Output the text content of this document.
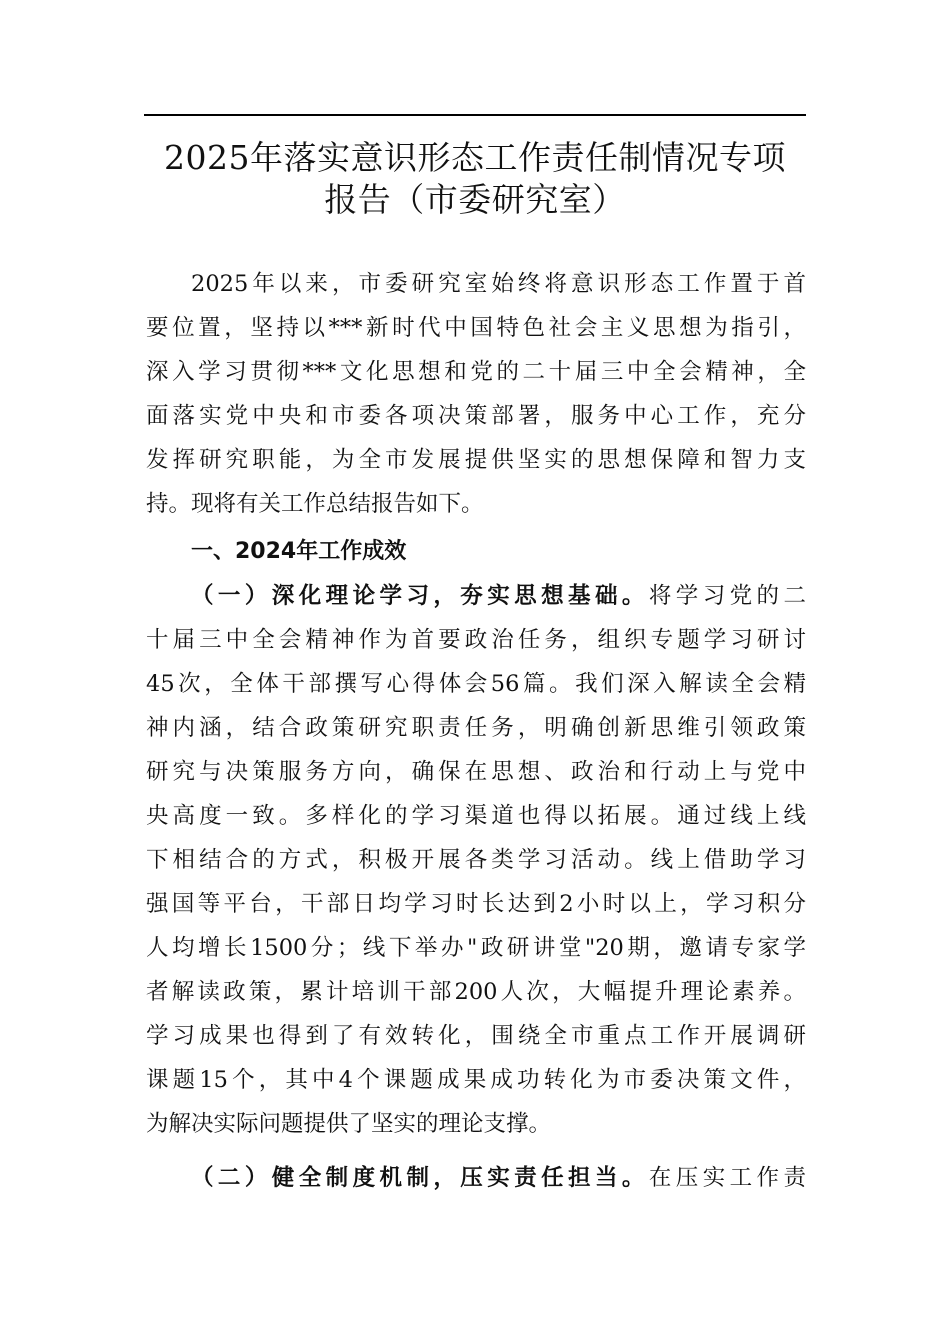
2025年落实意识形态工作责任制情况专项
报告（市委研究室）
2025年以来，市委研究室始终将意识形态工作置于首
要位置，坚持以***新时代中国特色社会主义思想为指引，
深入学习贯彻***文化思想和党的二十届三中全会精神，全
面落实党中央和市委各项决策部署，服务中心工作，充分
发挥研究职能，为全市发展提供坚实的思想保障和智力支
持。现将有关工作总结报告如下。
一、2024年工作成效
（一）深化理论学习，夯实思想基础。将学习党的二
十届三中全会精神作为首要政治任务，组织专题学习研讨
45次，全体干部撰写心得体会56篇。我们深入解读全会精
神内涵，结合政策研究职责任务，明确创新思维引领政策
研究与决策服务方向，确保在思想、政治和行动上与党中
央高度一致。多样化的学习渠道也得以拓展。通过线上线
下相结合的方式，积极开展各类学习活动。线上借助学习
强国等平台，干部日均学习时长达到2小时以上，学习积分
人均增长1500分；线下举办"政研讲堂"20期，邀请专家学
者解读政策，累计培训干部200人次，大幅提升理论素养。
学习成果也得到了有效转化，围绕全市重点工作开展调研
课题15个，其中4个课题成果成功转化为市委决策文件，
为解决实际问题提供了坚实的理论支撑。
（二）健全制度机制，压实责任担当。在压实工作责
